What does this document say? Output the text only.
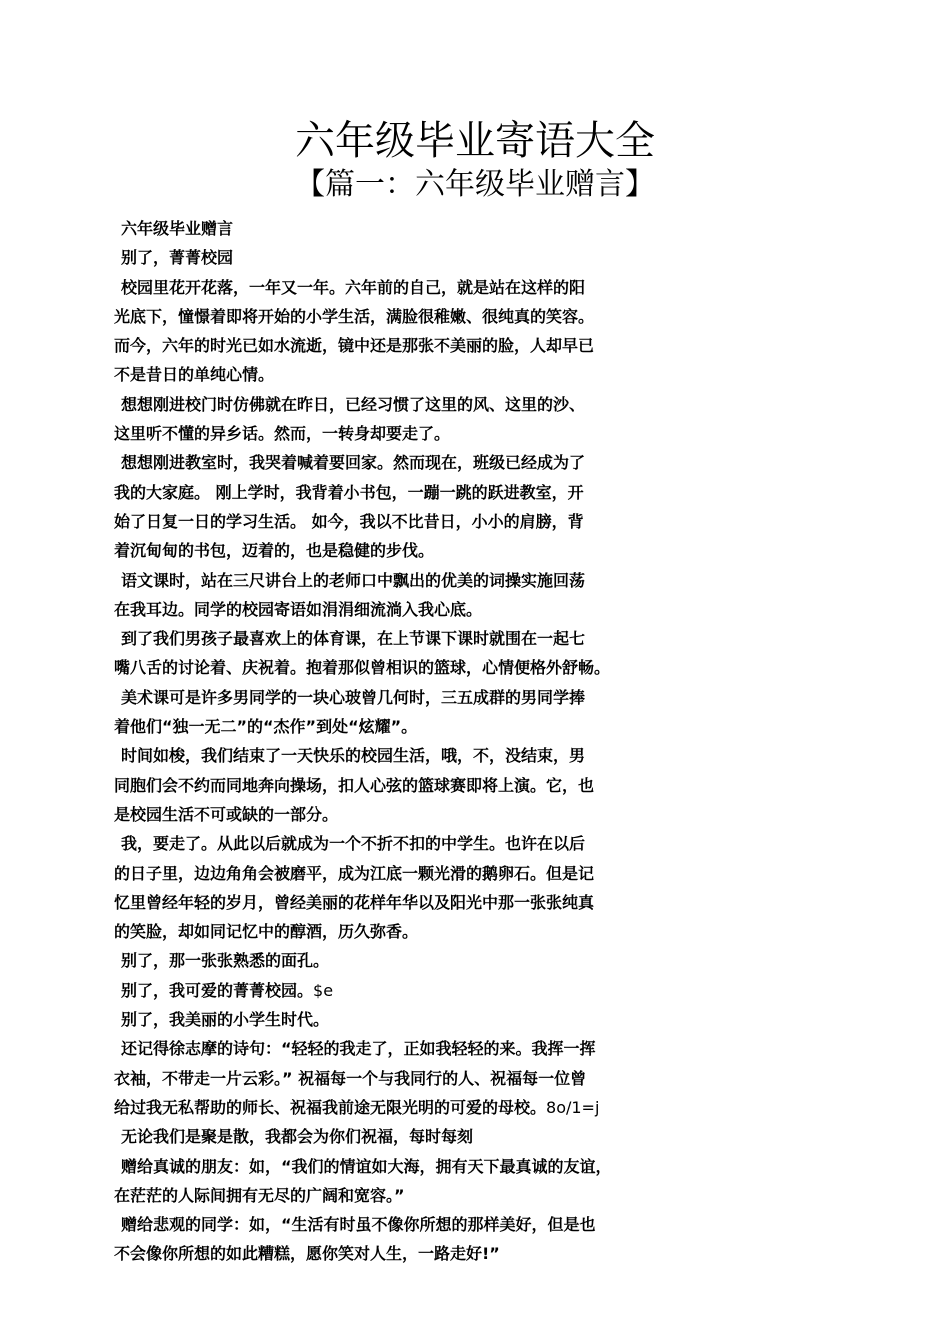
六年级毕业寄语大全
【篇一：六年级毕业赠言】
六年级毕业赠言
别了，菁菁校园
校园里花开花落，一年又一年。六年前的自己，就是站在这样的阳
光底下，憧憬着即将开始的小学生活，满脸很稚嫩、很纯真的笑容。
而今，六年的时光已如水流逝，镜中还是那张不美丽的脸，人却早已
不是昔日的单纯心情。
想想刚进校门时仿佛就在昨日，已经习惯了这里的风、这里的沙、
这里听不懂的异乡话。然而，一转身却要走了。
想想刚进教室时，我哭着喊着要回家。然而现在，班级已经成为了
我的大家庭。 刚上学时，我背着小书包，一蹦一跳的跃进教室，开
始了日复一日的学习生活。 如今，我以不比昔日，小小的肩膀，背
着沉甸甸的书包，迈着的，也是稳健的步伐。
语文课时，站在三尺讲台上的老师口中飘出的优美的词操实施回荡
在我耳边。同学的校园寄语如涓涓细流淌入我心底。
到了我们男孩子最喜欢上的体育课，在上节课下课时就围在一起七
嘴八舌的讨论着、庆祝着。抱着那似曾相识的篮球，心情便格外舒畅。
美术课可是许多男同学的一块心玻曾几何时，三五成群的男同学捧
着他们“独一无二”的“杰作”到处“炫耀”。
时间如梭，我们结束了一天快乐的校园生活，哦，不，没结束，男
同胞们会不约而同地奔向操场，扣人心弦的篮球赛即将上演。它，也
是校园生活不可或缺的一部分。
我，要走了。从此以后就成为一个不折不扣的中学生。也许在以后
的日子里，边边角角会被磨平，成为江底一颗光滑的鹅卵石。但是记
忆里曾经年轻的岁月，曾经美丽的花样年华以及阳光中那一张张纯真
的笑脸，却如同记忆中的醇酒，历久弥香。
别了，那一张张熟悉的面孔。
别了，我可爱的菁菁校园。$e
别了，我美丽的小学生时代。
还记得徐志摩的诗句：“轻轻的我走了，正如我轻轻的来。我挥一挥
衣袖，不带走一片云彩。” 祝福每一个与我同行的人、祝福每一位曾
给过我无私帮助的师长、祝福我前途无限光明的可爱的母校。8o/1=j
无论我们是聚是散，我都会为你们祝福，每时每刻
赠给真诚的朋友：如，“我们的情谊如大海，拥有天下最真诚的友谊，
在茫茫的人际间拥有无尽的广阔和宽容。”
赠给悲观的同学：如，“生活有时虽不像你所想的那样美好，但是也
不会像你所想的如此糟糕，愿你笑对人生，一路走好!”
